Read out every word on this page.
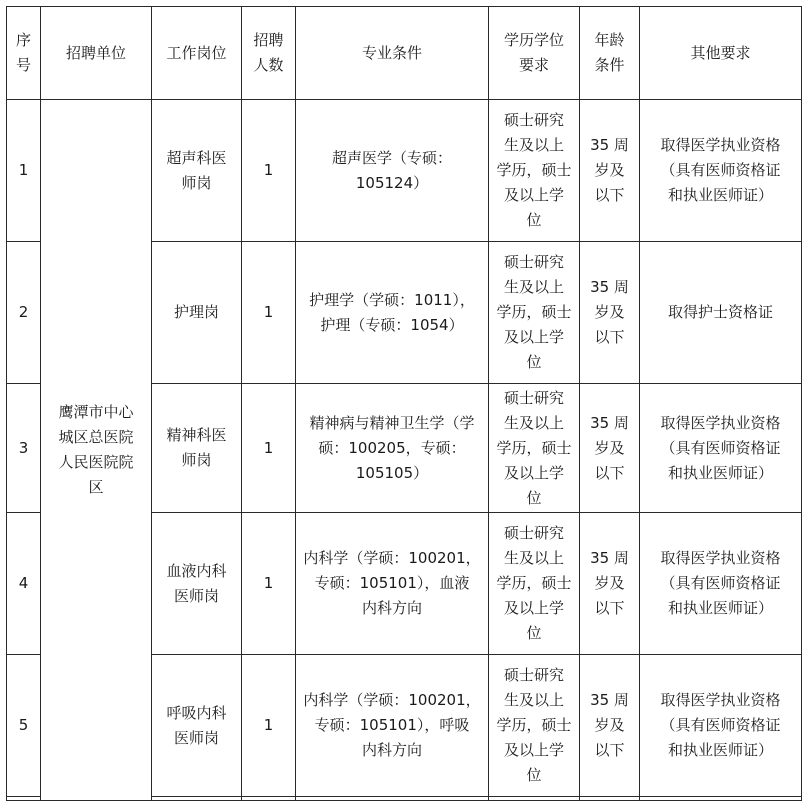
序
号	招聘单位	工作岗位	招聘
人数	专业条件	学历学位
要求	年龄
条件	其他要求
1	鹰潭市中心
城区总医院
人民医院院
区	超声科医
师岗	1	超声医学（专硕：
105124）	硕士研究
生及以上
学历，硕士
及以上学
位	35 周
岁及
以下	取得医学执业资格
（具有医师资格证
和执业医师证）

2		护理岗	1	护理学（学硕：1011），
护理（专硕：1054）	硕士研究
生及以上
学历，硕士
及以上学
位	35 周
岁及
以下	取得护士资格证

3		精神科医
师岗	1	精神病与精神卫生学（学
硕：100205，专硕：
105105）	硕士研究
生及以上
学历，硕士
及以上学
位	35 周
岁及
以下	取得医学执业资格
（具有医师资格证
和执业医师证）

4		血液内科
医师岗	1	内科学（学硕：100201，
专硕：105101），血液
内科方向	硕士研究
生及以上
学历，硕士
及以上学
位	35 周
岁及
以下	取得医学执业资格
（具有医师资格证
和执业医师证）

5		呼吸内科
医师岗	1	内科学（学硕：100201，
专硕：105101），呼吸
内科方向	硕士研究
生及以上
学历，硕士
及以上学
位	35 周
岁及
以下	取得医学执业资格
（具有医师资格证
和执业医师证）
